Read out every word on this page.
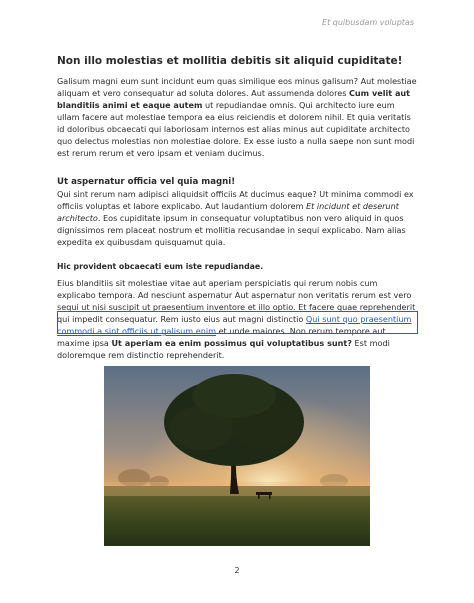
Et quibusdam voluptas
Non illo molestias et mollitia debitis sit aliquid cupiditate!
Galisum magni eum sunt incidunt eum quas similique eos minus galisum? Aut molestiae aliquam et vero consequatur ad soluta dolores. Aut assumenda dolores Cum velit aut blanditiis animi et eaque autem ut repudiandae omnis. Qui architecto iure eum ullam facere aut molestiae tempora ea eius reiciendis et dolorem nihil. Et quia veritatis id doloribus obcaecati qui laboriosam internos est alias minus aut cupiditate architecto quo delectus molestias non molestiae dolore. Ex esse iusto a nulla saepe non sunt modi est rerum rerum et vero ipsam et veniam ducimus.
Ut aspernatur officia vel quia magni!
Qui sint rerum nam adipisci aliquidsit officiis At ducimus eaque? Ut minima commodi ex officiis voluptas et labore explicabo. Aut laudantium dolorem Et incidunt et deserunt architecto. Eos cupiditate ipsum in consequatur voluptatibus non vero aliquid in quos dignissimos rem placeat nostrum et mollitia recusandae in sequi explicabo. Nam alias expedita ex quibusdam quisquamut quia.
Hic provident obcaecati eum iste repudiandae.
Eius blanditiis sit molestiae vitae aut aperiam perspiciatis qui rerum nobis cum explicabo tempora. Ad nesciunt aspernatur Aut aspernatur non veritatis rerum est vero sequi ut nisi suscipit ut praesentium inventore et illo optio. Et facere quae reprehenderit qui impedit consequatur. Rem iusto eius aut magni distinctio Qui sunt quo praesentium commodi a sint officiis ut galisum enim et unde maiores. Non rerum tempore aut maxime ipsa Ut aperiam ea enim possimus qui voluptatibus sunt? Est modi doloremque rem distinctio reprehenderit.
2
